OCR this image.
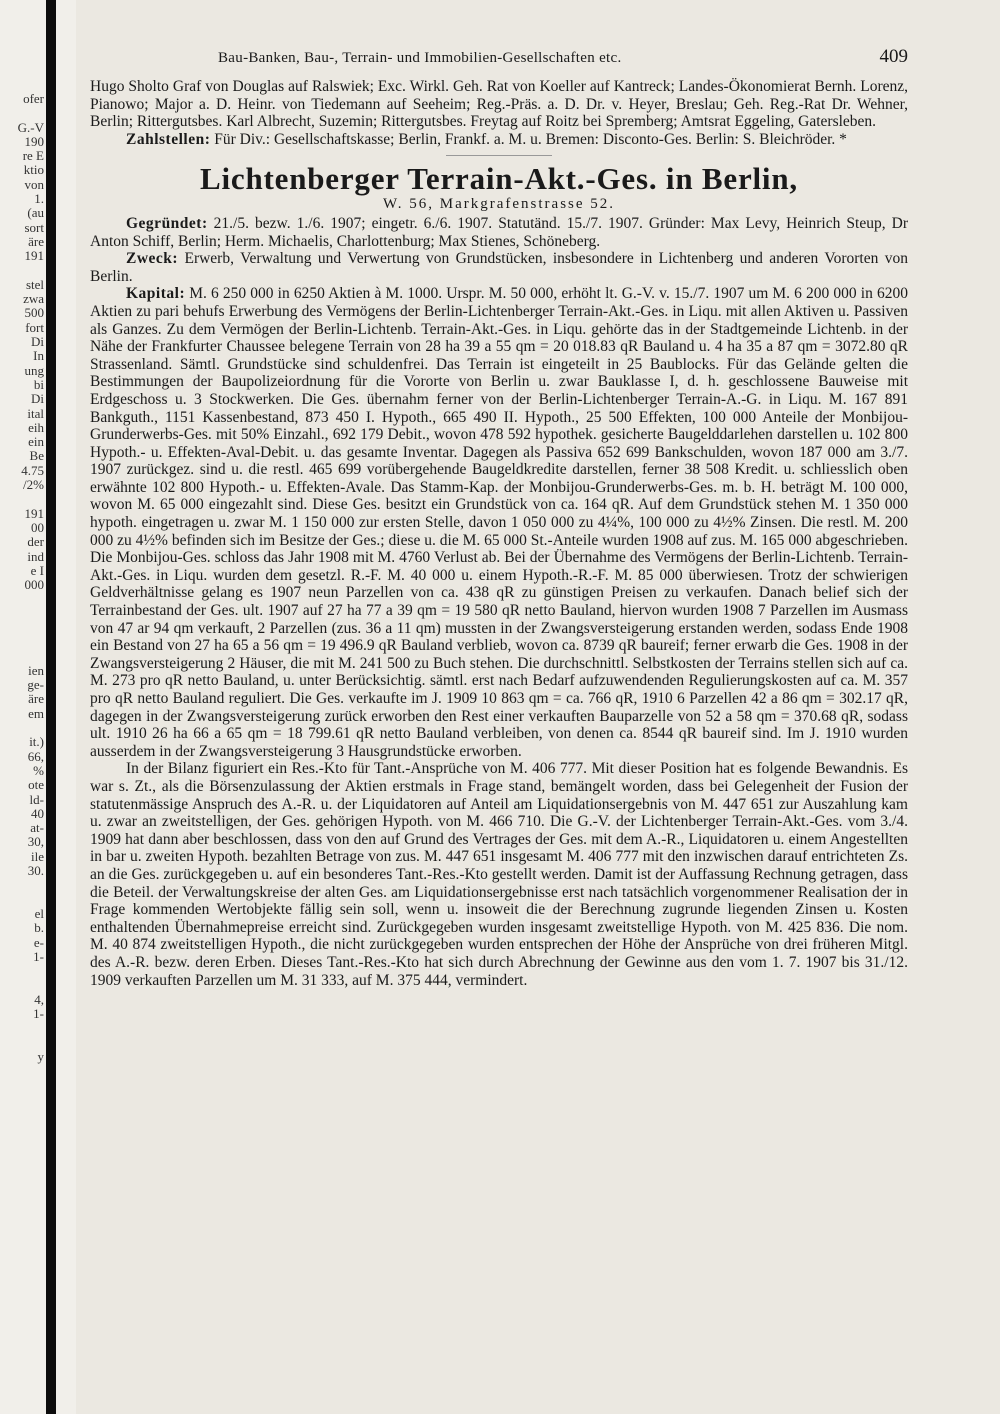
ofer

G.-V
190
re E
ktio
von
1.
(au
sort
äre
191

stel
zwa
500
fort
Di
In
ung
bi
Di
ital
eih
ein
Be
4.75
/2%

191
00
der
ind
e I
000

ien
ge-
äre
em

it.)
66,
%
ote
ld-
40
at-
30,
ile
30.

el
b.
e-
1-

4,
1-

y
Bau-Banken, Bau-, Terrain- und Immobilien-Gesellschaften etc.	409

Hugo Sholto Graf von Douglas auf Ralswiek; Exc. Wirkl. Geh. Rat von Koeller auf Kantreck; Landes-Ökonomierat Bernh. Lorenz, Pianowo; Major a. D. Heinr. von Tiedemann auf Seeheim; Reg.-Präs. a. D. Dr. v. Heyer, Breslau; Geh. Reg.-Rat Dr. Wehner, Berlin; Rittergutsbes. Karl Albrecht, Suzemin; Rittergutsbes. Freytag auf Roitz bei Spremberg; Amtsrat Eggeling, Gatersleben.

Zahlstellen: Für Div.: Gesellschaftskasse; Berlin, Frankf. a. M. u. Bremen: Disconto-Ges. Berlin: S. Bleichröder. *

Lichtenberger Terrain-Akt.-Ges. in Berlin,
W. 56, Markgrafenstrasse 52.

Gegründet: 21./5. bezw. 1./6. 1907; eingetr. 6./6. 1907. Statutänd. 15./7. 1907. Gründer: Max Levy, Heinrich Steup, Dr Anton Schiff, Berlin; Herm. Michaelis, Charlottenburg; Max Stienes, Schöneberg.

Zweck: Erwerb, Verwaltung und Verwertung von Grundstücken, insbesondere in Lichtenberg und anderen Vororten von Berlin.

Kapital: M. 6 250 000 in 6250 Aktien à M. 1000. Urspr. M. 50 000, erhöht lt. G.-V. v. 15./7. 1907 um M. 6 200 000 in 6200 Aktien zu pari behufs Erwerbung des Vermögens der Berlin-Lichtenberger Terrain-Akt.-Ges. in Liqu. mit allen Aktiven u. Passiven als Ganzes. Zu dem Vermögen der Berlin-Lichtenb. Terrain-Akt.-Ges. in Liqu. gehörte das in der Stadtgemeinde Lichtenb. in der Nähe der Frankfurter Chaussee belegene Terrain von 28 ha 39 a 55 qm = 20 018.83 qR Bauland u. 4 ha 35 a 87 qm = 3072.80 qR Strassenland. Sämtl. Grundstücke sind schuldenfrei. Das Terrain ist eingeteilt in 25 Baublocks. Für das Gelände gelten die Bestimmungen der Baupolizeiordnung für die Vororte von Berlin u. zwar Bauklasse I, d. h. geschlossene Bauweise mit Erdgeschoss u. 3 Stockwerken. Die Ges. übernahm ferner von der Berlin-Lichtenberger Terrain-A.-G. in Liqu. M. 167 891 Bankguth., 1151 Kassenbestand, 873 450 I. Hypoth., 665 490 II. Hypoth., 25 500 Effekten, 100 000 Anteile der Monbijou-Grunderwerbs-Ges. mit 50% Einzahl., 692 179 Debit., wovon 478 592 hypothek. gesicherte Baugelddarlehen darstellen u. 102 800 Hypoth.- u. Effekten-Aval-Debit. u. das gesamte Inventar. Dagegen als Passiva 652 699 Bankschulden, wovon 187 000 am 3./7. 1907 zurückgez. sind u. die restl. 465 699 vorübergehende Baugeldkredite darstellen, ferner 38 508 Kredit. u. schliesslich oben erwähnte 102 800 Hypoth.- u. Effekten-Avale. Das Stamm-Kap. der Monbijou-Grunderwerbs-Ges. m. b. H. beträgt M. 100 000, wovon M. 65 000 eingezahlt sind. Diese Ges. besitzt ein Grundstück von ca. 164 qR. Auf dem Grundstück stehen M. 1 350 000 hypoth. eingetragen u. zwar M. 1 150 000 zur ersten Stelle, davon 1 050 000 zu 4¼%, 100 000 zu 4½% Zinsen. Die restl. M. 200 000 zu 4½% befinden sich im Besitze der Ges.; diese u. die M. 65 000 St.-Anteile wurden 1908 auf zus. M. 165 000 abgeschrieben. Die Monbijou-Ges. schloss das Jahr 1908 mit M. 4760 Verlust ab. Bei der Übernahme des Vermögens der Berlin-Lichtenb. Terrain-Akt.-Ges. in Liqu. wurden dem gesetzl. R.-F. M. 40 000 u. einem Hypoth.-R.-F. M. 85 000 überwiesen. Trotz der schwierigen Geldverhältnisse gelang es 1907 neun Parzellen von ca. 438 qR zu günstigen Preisen zu verkaufen. Danach belief sich der Terrainbestand der Ges. ult. 1907 auf 27 ha 77 a 39 qm = 19 580 qR netto Bauland, hiervon wurden 1908 7 Parzellen im Ausmass von 47 ar 94 qm verkauft, 2 Parzellen (zus. 36 a 11 qm) mussten in der Zwangsversteigerung erstanden werden, sodass Ende 1908 ein Bestand von 27 ha 65 a 56 qm = 19 496.9 qR Bauland verblieb, wovon ca. 8739 qR baureif; ferner erwarb die Ges. 1908 in der Zwangsversteigerung 2 Häuser, die mit M. 241 500 zu Buch stehen. Die durchschnittl. Selbstkosten der Terrains stellen sich auf ca. M. 273 pro qR netto Bauland, u. unter Berücksichtig. sämtl. erst nach Bedarf aufzuwendenden Regulierungskosten auf ca. M. 357 pro qR netto Bauland reguliert. Die Ges. verkaufte im J. 1909 10 863 qm = ca. 766 qR, 1910 6 Parzellen 42 a 86 qm = 302.17 qR, dagegen in der Zwangsversteigerung zurück erworben den Rest einer verkauften Bauparzelle von 52 a 58 qm = 370.68 qR, sodass ult. 1910 26 ha 66 a 65 qm = 18 799.61 qR netto Bauland verbleiben, von denen ca. 8544 qR baureif sind. Im J. 1910 wurden ausserdem in der Zwangsversteigerung 3 Hausgrundstücke erworben.

In der Bilanz figuriert ein Res.-Kto für Tant.-Ansprüche von M. 406 777. Mit dieser Position hat es folgende Bewandnis. Es war s. Zt., als die Börsenzulassung der Aktien erstmals in Frage stand, bemängelt worden, dass bei Gelegenheit der Fusion der statutenmässige Anspruch des A.-R. u. der Liquidatoren auf Anteil am Liquidationsergebnis von M. 447 651 zur Auszahlung kam u. zwar an zweitstelligen, der Ges. gehörigen Hypoth. von M. 466 710. Die G.-V. der Lichtenberger Terrain-Akt.-Ges. vom 3./4. 1909 hat dann aber beschlossen, dass von den auf Grund des Vertrages der Ges. mit dem A.-R., Liquidatoren u. einem Angestellten in bar u. zweiten Hypoth. bezahlten Betrage von zus. M. 447 651 insgesamt M. 406 777 mit den inzwischen darauf entrichteten Zs. an die Ges. zurückgegeben u. auf ein besonderes Tant.-Res.-Kto gestellt werden. Damit ist der Auffassung Rechnung getragen, dass die Beteil. der Verwaltungskreise der alten Ges. am Liquidationsergebnisse erst nach tatsächlich vorgenommener Realisation der in Frage kommenden Wertobjekte fällig sein soll, wenn u. insoweit die der Berechnung zugrunde liegenden Zinsen u. Kosten enthaltenden Übernahmepreise erreicht sind. Zurückgegeben wurden insgesamt zweitstellige Hypoth. von M. 425 836. Die nom. M. 40 874 zweitstelligen Hypoth., die nicht zurückgegeben wurden entsprechen der Höhe der Ansprüche von drei früheren Mitgl. des A.-R. bezw. deren Erben. Dieses Tant.-Res.-Kto hat sich durch Abrechnung der Gewinne aus den vom 1. 7. 1907 bis 31./12. 1909 verkauften Parzellen um M. 31 333, auf M. 375 444, vermindert.
